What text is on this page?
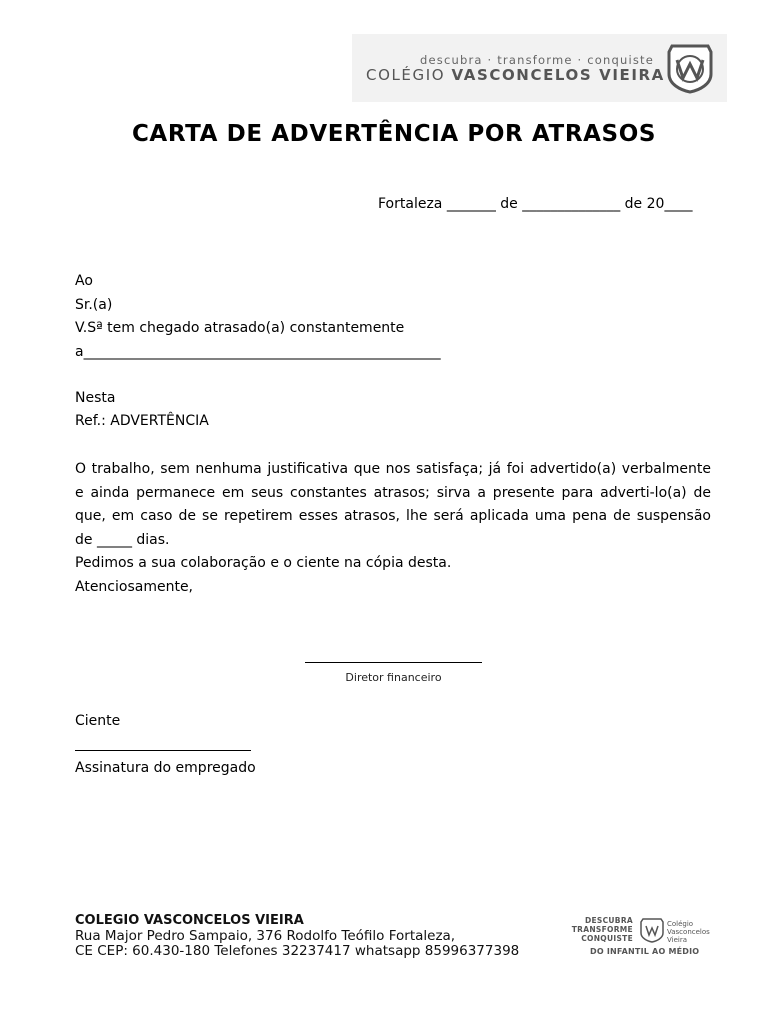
descubra · transforme · conquiste
COLÉGIO VASCONCELOS VIEIRA
CARTA DE ADVERTÊNCIA POR ATRASOS
Fortaleza _______ de ______________ de 20____
Ao
Sr.(a)
V.Sª tem chegado atrasado(a) constantemente
a___________________________________________________
Nesta
Ref.: ADVERTÊNCIA
O trabalho, sem nenhuma justificativa que nos satisfaça; já foi advertido(a) verbalmente
e ainda permanece em seus constantes atrasos; sirva a presente para adverti-lo(a) de
que, em caso de se repetirem esses atrasos, lhe será aplicada uma pena de suspensão
de _____ dias.
Pedimos a sua colaboração e o ciente na cópia desta.
Atenciosamente,
Diretor financeiro
Ciente
Assinatura do empregado
COLEGIO VASCONCELOS VIEIRA
Rua Major Pedro Sampaio, 376 Rodolfo Teófilo Fortaleza,
CE CEP: 60.430-180 Telefones 32237417 whatsapp 85996377398
DESCUBRA
TRANSFORME
CONQUISTE
Colégio
Vasconcelos
Vieira
DO INFANTIL AO MÉDIO
